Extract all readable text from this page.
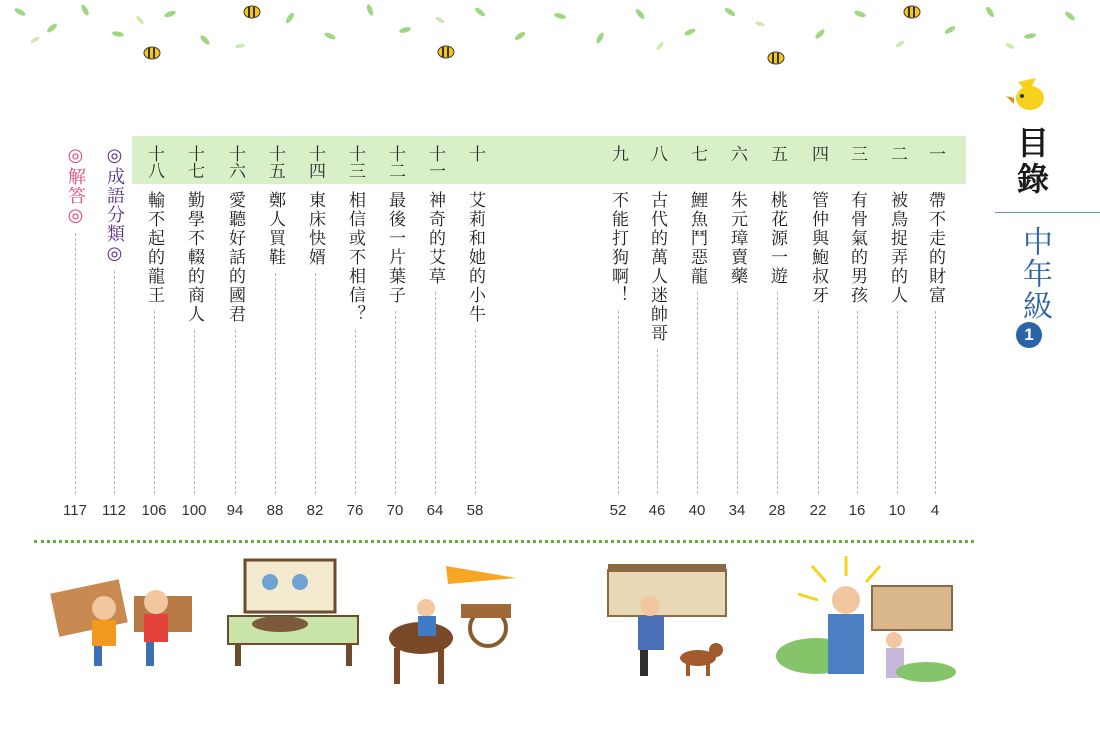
一
帶不走的財富
4
二
被鳥捉弄的人
10
三
有骨氣的男孩
16
四
管仲與鮑叔牙
22
五
桃花源一遊
28
六
朱元璋賣藥
34
七
鯉魚鬥惡龍
40
八
古代的萬人迷帥哥
46
九
不能打狗啊！
52
十
艾莉和她的小牛
58
十一
神奇的艾草
64
十二
最後一片葉子
70
十三
相信或不相信？
76
十四
東床快婿
82
十五
鄭人買鞋
88
十六
愛聽好話的國君
94
十七
勤學不輟的商人
100
十八
輸不起的龍王
106
◎成語分類◎
112
◎解答◎
117
目錄
中年級
1
